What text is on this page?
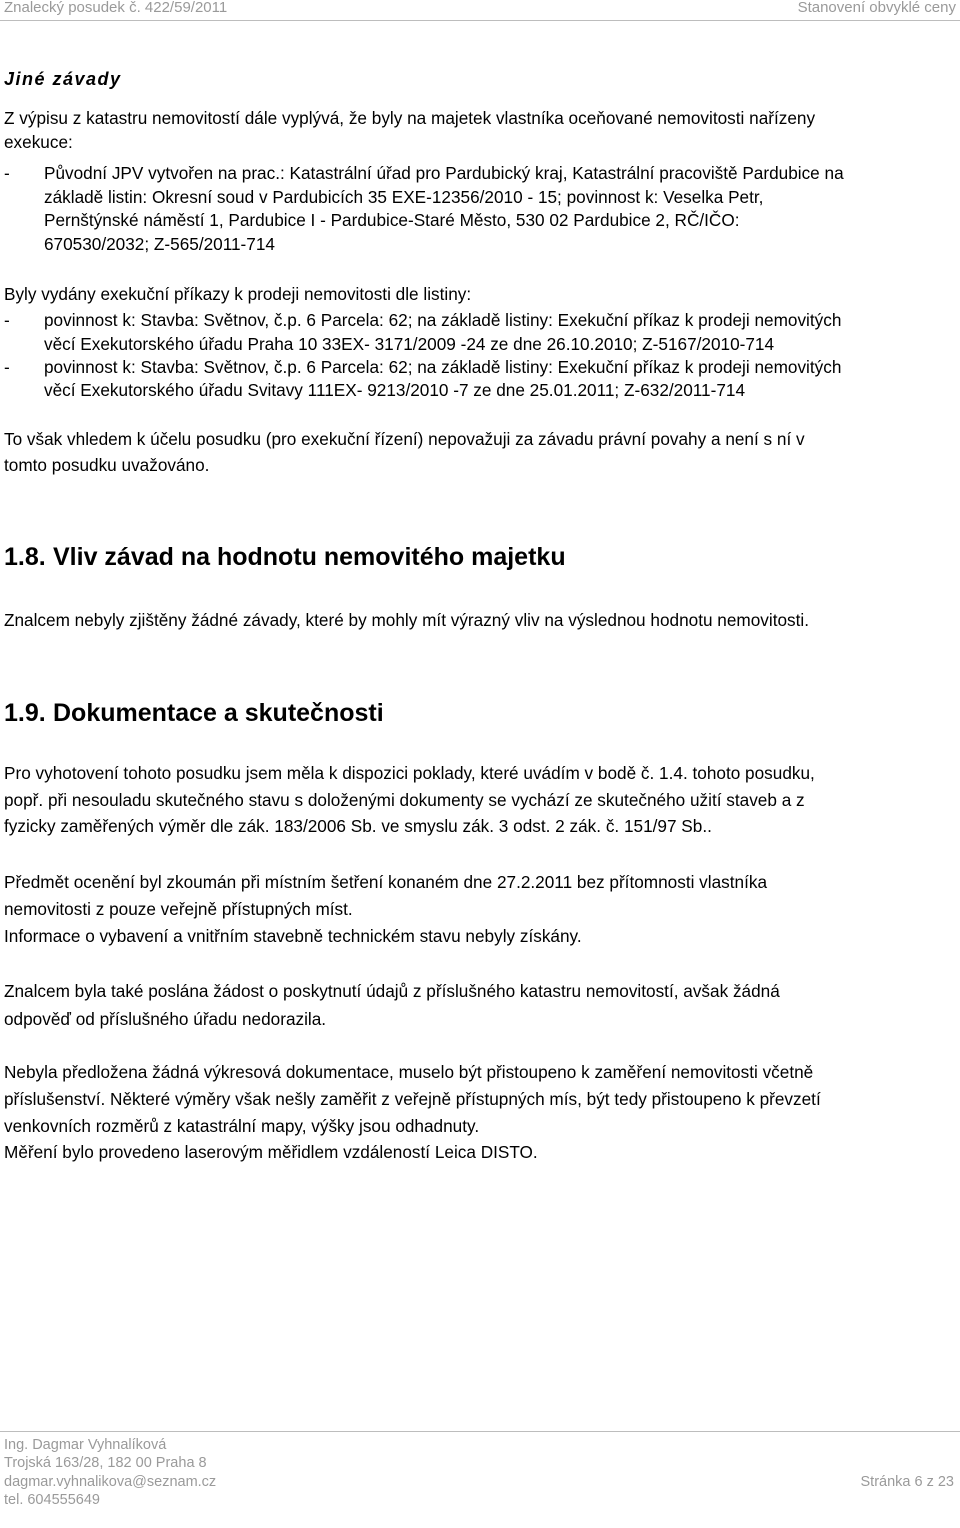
Znalecký posudek č. 422/59/2011	Stanovení obvyklé ceny
Jiné závady
Z výpisu z katastru nemovitostí dále vyplývá, že byly na majetek vlastníka oceňované nemovitosti nařízeny
exekuce:
- Původní JPV vytvořen na prac.: Katastrální úřad pro Pardubický kraj, Katastrální pracoviště Pardubice na
základě listin: Okresní soud v Pardubicích 35 EXE-12356/2010 - 15; povinnost k: Veselka Petr,
Pernštýnské náměstí 1, Pardubice I - Pardubice-Staré Město, 530 02 Pardubice 2, RČ/IČO:
670530/2032; Z-565/2011-714
Byly vydány exekuční příkazy k prodeji nemovitosti dle listiny:
- povinnost k: Stavba: Světnov, č.p. 6 Parcela: 62; na základě listiny: Exekuční příkaz k prodeji nemovitých
věcí Exekutorského úřadu Praha 10 33EX- 3171/2009 -24 ze dne 26.10.2010; Z-5167/2010-714
- povinnost k: Stavba: Světnov, č.p. 6 Parcela: 62; na základě listiny: Exekuční příkaz k prodeji nemovitých
věcí Exekutorského úřadu Svitavy 111EX- 9213/2010 -7 ze dne 25.01.2011; Z-632/2011-714
To však vhledem k účelu posudku (pro exekuční řízení) nepovažuji za závadu právní povahy a není s ní v
tomto posudku uvažováno.
1.8. Vliv závad na hodnotu nemovitého majetku
Znalcem nebyly zjištěny žádné závady, které by mohly mít výrazný vliv na výslednou hodnotu nemovitosti.
1.9. Dokumentace a skutečnosti
Pro vyhotovení tohoto posudku jsem měla k dispozici poklady, které uvádím v bodě č. 1.4. tohoto posudku,
popř. při nesouladu skutečného stavu s doloženými dokumenty se vychází ze skutečného užití staveb a z
fyzicky zaměřených výměr dle zák. 183/2006 Sb. ve smyslu zák. 3 odst. 2 zák. č. 151/97 Sb..
Předmět ocenění byl zkoumán při místním šetření konaném dne 27.2.2011 bez přítomnosti vlastníka
nemovitosti z pouze veřejně přístupných míst.
Informace o vybavení a vnitřním stavebně technickém stavu nebyly získány.
Znalcem byla také poslána žádost o poskytnutí údajů z příslušného katastru nemovitostí, avšak žádná
odpověď od příslušného úřadu nedorazila.
Nebyla předložena žádná výkresová dokumentace, muselo být přistoupeno k zaměření nemovitosti včetně
příslušenství. Některé výměry však nešly zaměřit z veřejně přístupných mís, být tedy přistoupeno k převzetí
venkovních rozměrů z katastrální mapy, výšky jsou odhadnuty.
Měření bylo provedeno laserovým měřidlem vzdáleností Leica DISTO.
Ing. Dagmar Vyhnalíková
Trojská 163/28, 182 00 Praha 8
dagmar.vyhnalikova@seznam.cz
tel. 604555649
Stránka 6 z 23
